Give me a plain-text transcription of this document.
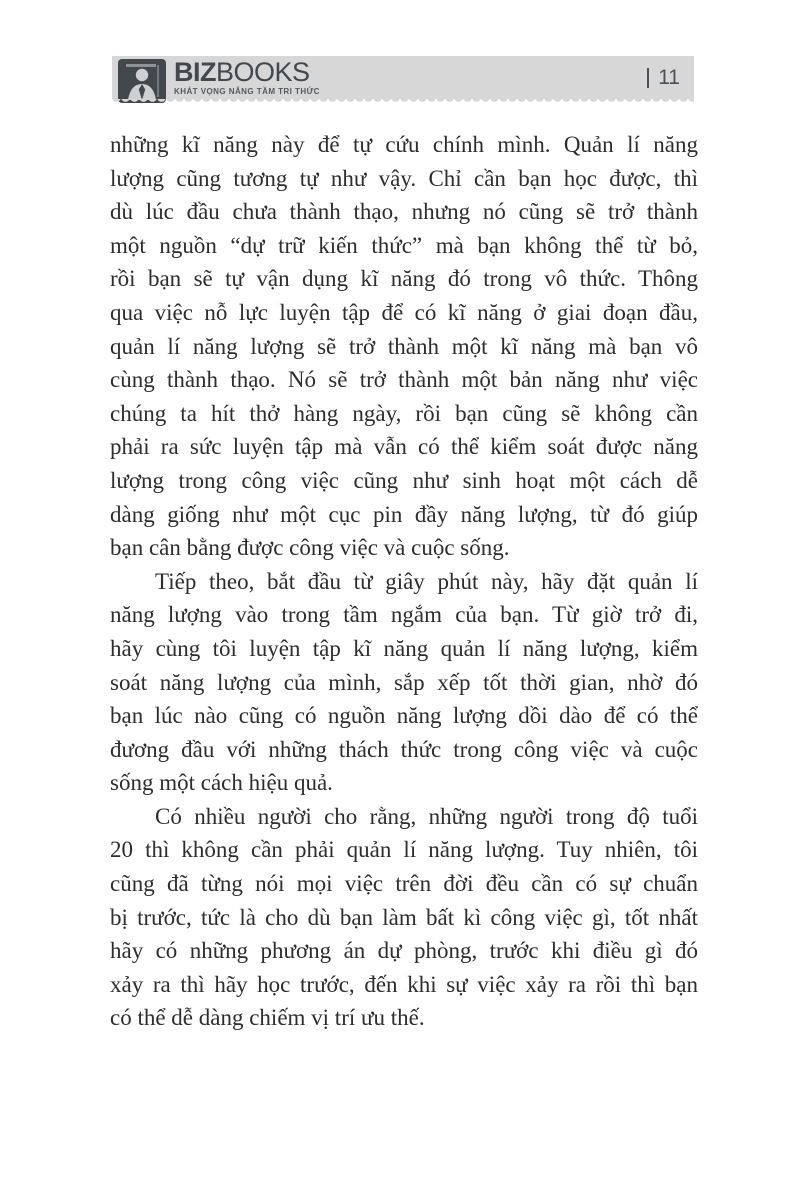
BIZBOOKS
KHÁT VỌNG NÂNG TẦM TRI THỨC
11
những kĩ năng này để tự cứu chính mình. Quản lí năng
lượng cũng tương tự như vậy. Chỉ cần bạn học được, thì
dù lúc đầu chưa thành thạo, nhưng nó cũng sẽ trở thành
một nguồn “dự trữ kiến thức” mà bạn không thể từ bỏ,
rồi bạn sẽ tự vận dụng kĩ năng đó trong vô thức. Thông
qua việc nỗ lực luyện tập để có kĩ năng ở giai đoạn đầu,
quản lí năng lượng sẽ trở thành một kĩ năng mà bạn vô
cùng thành thạo. Nó sẽ trở thành một bản năng như việc
chúng ta hít thở hàng ngày, rồi bạn cũng sẽ không cần
phải ra sức luyện tập mà vẫn có thể kiểm soát được năng
lượng trong công việc cũng như sinh hoạt một cách dễ
dàng giống như một cục pin đầy năng lượng, từ đó giúp
bạn cân bằng được công việc và cuộc sống.
Tiếp theo, bắt đầu từ giây phút này, hãy đặt quản lí
năng lượng vào trong tầm ngắm của bạn. Từ giờ trở đi,
hãy cùng tôi luyện tập kĩ năng quản lí năng lượng, kiểm
soát năng lượng của mình, sắp xếp tốt thời gian, nhờ đó
bạn lúc nào cũng có nguồn năng lượng dồi dào để có thể
đương đầu với những thách thức trong công việc và cuộc
sống một cách hiệu quả.
Có nhiều người cho rằng, những người trong độ tuổi
20 thì không cần phải quản lí năng lượng. Tuy nhiên, tôi
cũng đã từng nói mọi việc trên đời đều cần có sự chuẩn
bị trước, tức là cho dù bạn làm bất kì công việc gì, tốt nhất
hãy có những phương án dự phòng, trước khi điều gì đó
xảy ra thì hãy học trước, đến khi sự việc xảy ra rồi thì bạn
có thể dễ dàng chiếm vị trí ưu thế.
